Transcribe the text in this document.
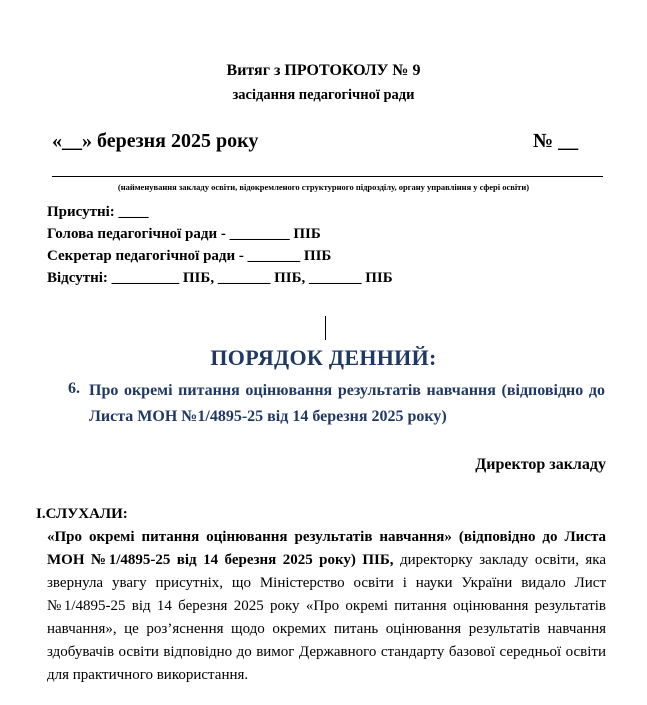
Витяг з ПРОТОКОЛУ № 9
засідання педагогічної ради
«__» березня 2025 року	№ __
(найменування закладу освіти, відокремленого структурного підрозділу, органу управління у сфері освіти)
Присутні: ____
Голова педагогічної ради - ________ ПІБ
Секретар педагогічної ради - _______ ПІБ
Відсутні: _________ ПІБ, _______ ПІБ, _______ ПІБ
ПОРЯДОК ДЕННИЙ:
6. Про окремі питання оцінювання результатів навчання (відповідно до Листа МОН №1/4895-25 від 14 березня 2025 року)
Директор закладу
І.СЛУХАЛИ:
«Про окремі питання оцінювання результатів навчання» (відповідно до Листа МОН №1/4895-25 від 14 березня 2025 року) ПІБ, директорку закладу освіти, яка звернула увагу присутніх, що Міністерство освіти і науки України видало Лист №1/4895-25 від 14 березня 2025 року «Про окремі питання оцінювання результатів навчання», це роз’яснення щодо окремих питань оцінювання результатів навчання здобувачів освіти відповідно до вимог Державного стандарту базової середньої освіти для практичного використання.
